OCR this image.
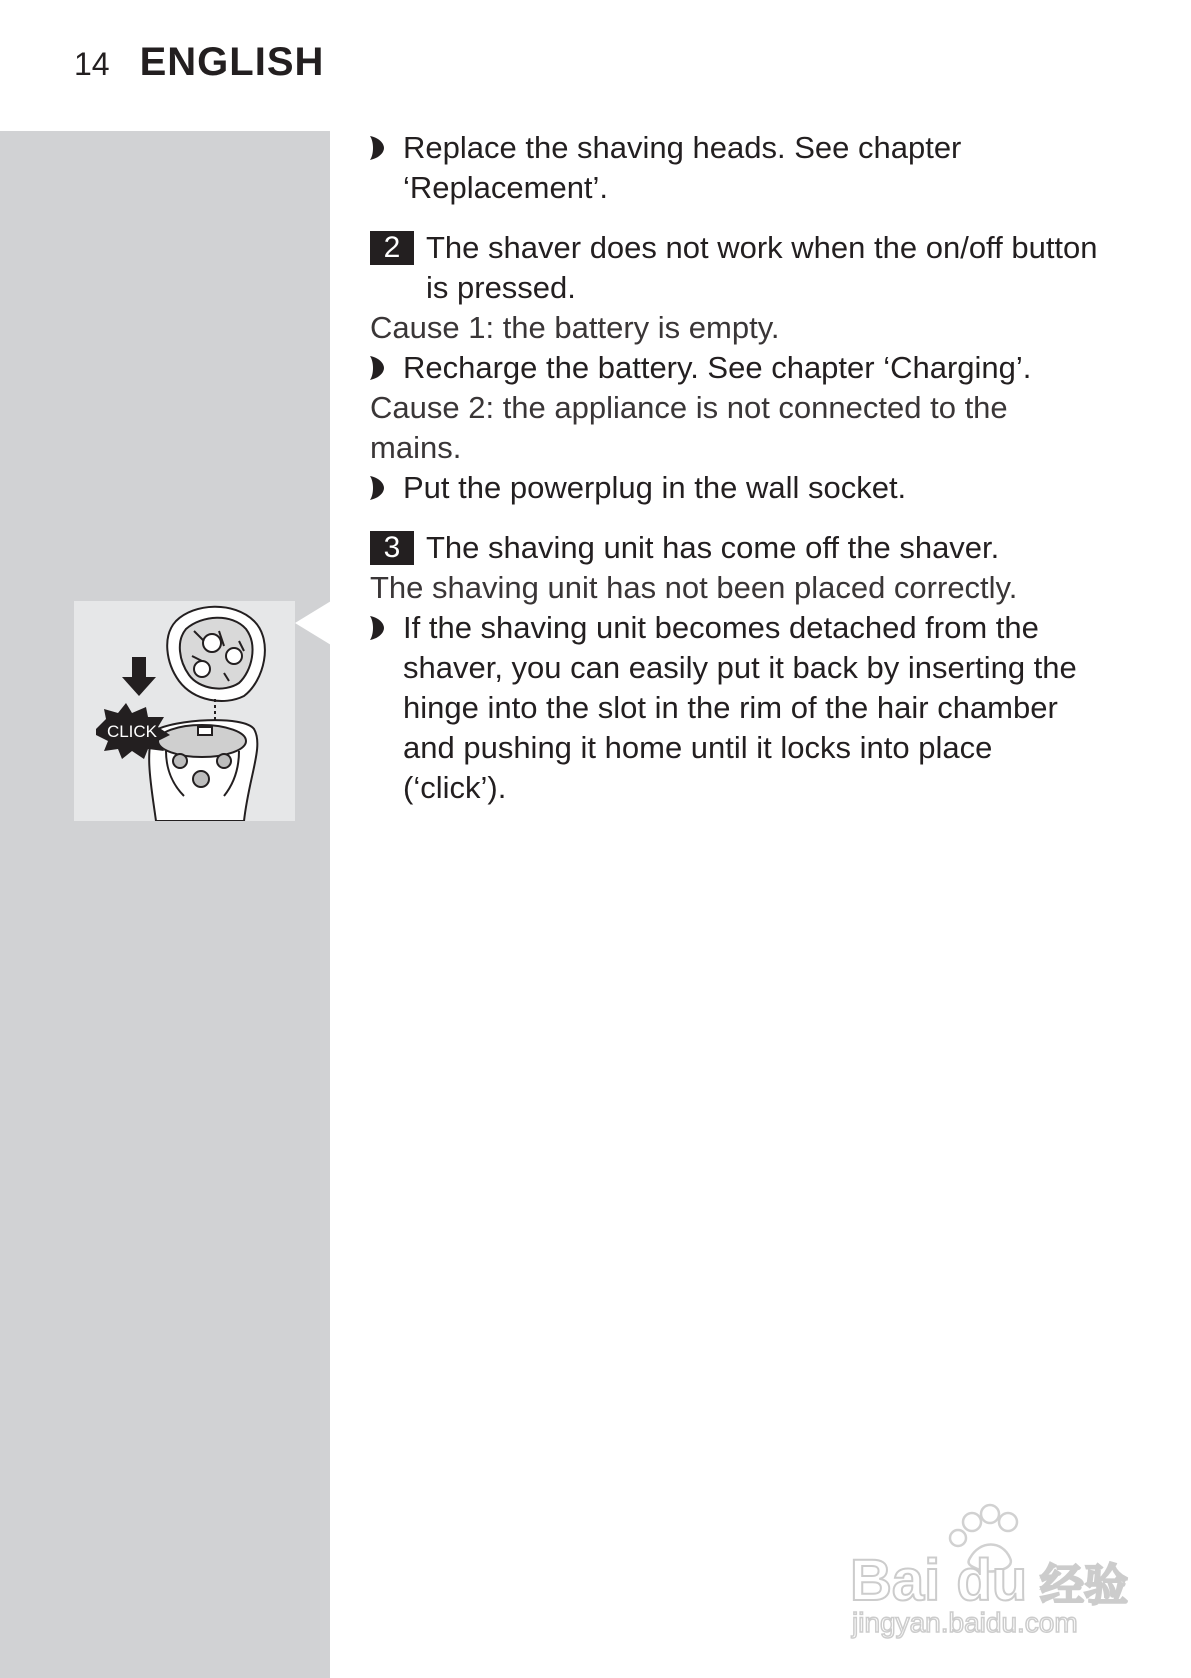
14 ENGLISH
CLICK
Replace the shaving heads. See chapter ‘Replacement’.
2 The shaver does not work when the on/off button is pressed.
Cause 1: the battery is empty.
Recharge the battery. See chapter ‘Charging’.
Cause 2: the appliance is not connected to the mains.
Put the powerplug in the wall socket.
3 The shaving unit has come off the shaver.
The shaving unit has not been placed correctly.
If the shaving unit becomes detached from the shaver, you can easily put it back by inserting the hinge into the slot in the rim of the hair chamber and pushing it home until it locks into place (‘click’).
Bai du 经验
jingyan.baidu.com
